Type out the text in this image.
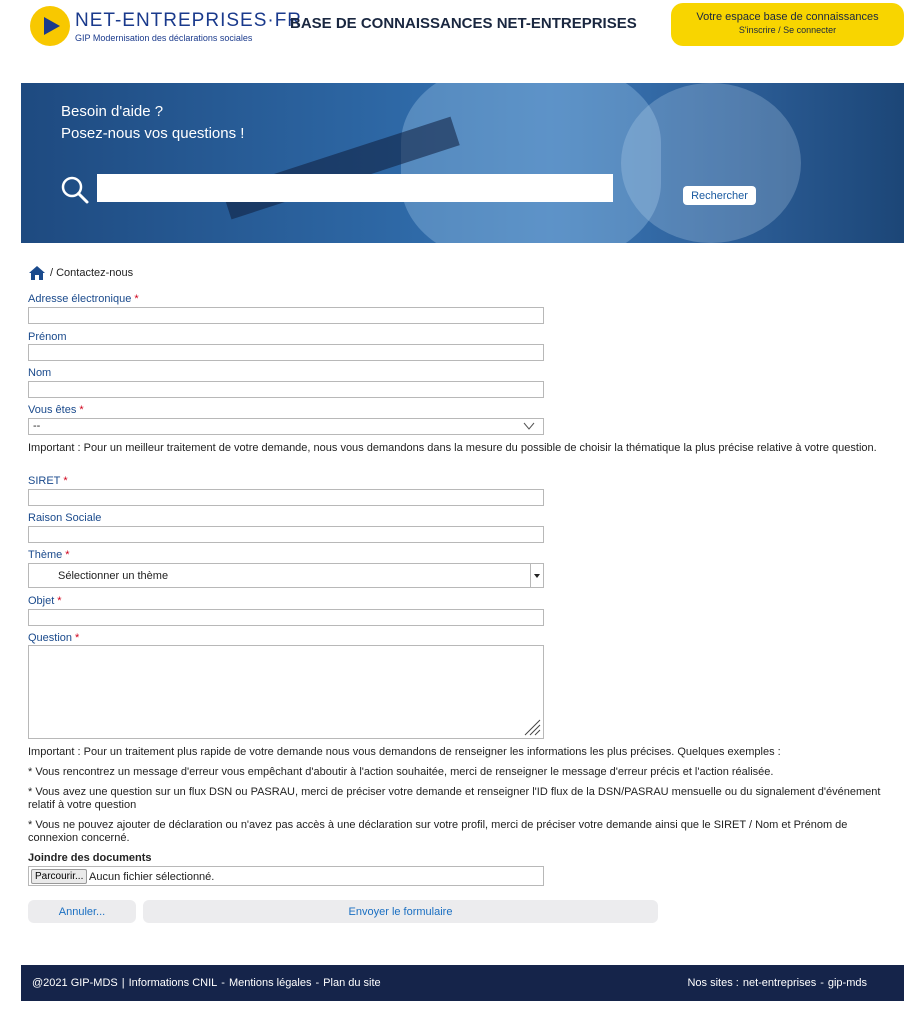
NET-ENTREPRISES·FR
GIP Modernisation des déclarations sociales
BASE DE CONNAISSANCES NET-ENTREPRISES	Votre espace base de connaissances
S'inscrire / Se connecter
Besoin d'aide ?
Posez-nous vos questions !
Rechercher
/ Contactez-nous
Adresse électronique *
Prénom
Nom
Vous êtes *
--
Important : Pour un meilleur traitement de votre demande, nous vous demandons dans la mesure du possible de choisir la thématique la plus précise relative à votre question.
SIRET *
Raison Sociale
Thème *
Sélectionner un thème
Objet *
Question *
Important : Pour un traitement plus rapide de votre demande nous vous demandons de renseigner les informations les plus précises. Quelques exemples :
* Vous rencontrez un message d'erreur vous empêchant d'aboutir à l'action souhaitée, merci de renseigner le message d'erreur précis et l'action réalisée.
* Vous avez une question sur un flux DSN ou PASRAU, merci de préciser votre demande et renseigner l'ID flux de la DSN/PASRAU mensuelle ou du signalement d'événement relatif à votre question
* Vous ne pouvez ajouter de déclaration ou n'avez pas accès à une déclaration sur votre profil, merci de préciser votre demande ainsi que le SIRET / Nom et Prénom de connexion concerné.
Joindre des documents
Parcourir... Aucun fichier sélectionné.
Annuler...	Envoyer le formulaire
@2021 GIP-MDS | Informations CNIL - Mentions légales - Plan du site	Nos sites : net-entreprises - gip-mds
